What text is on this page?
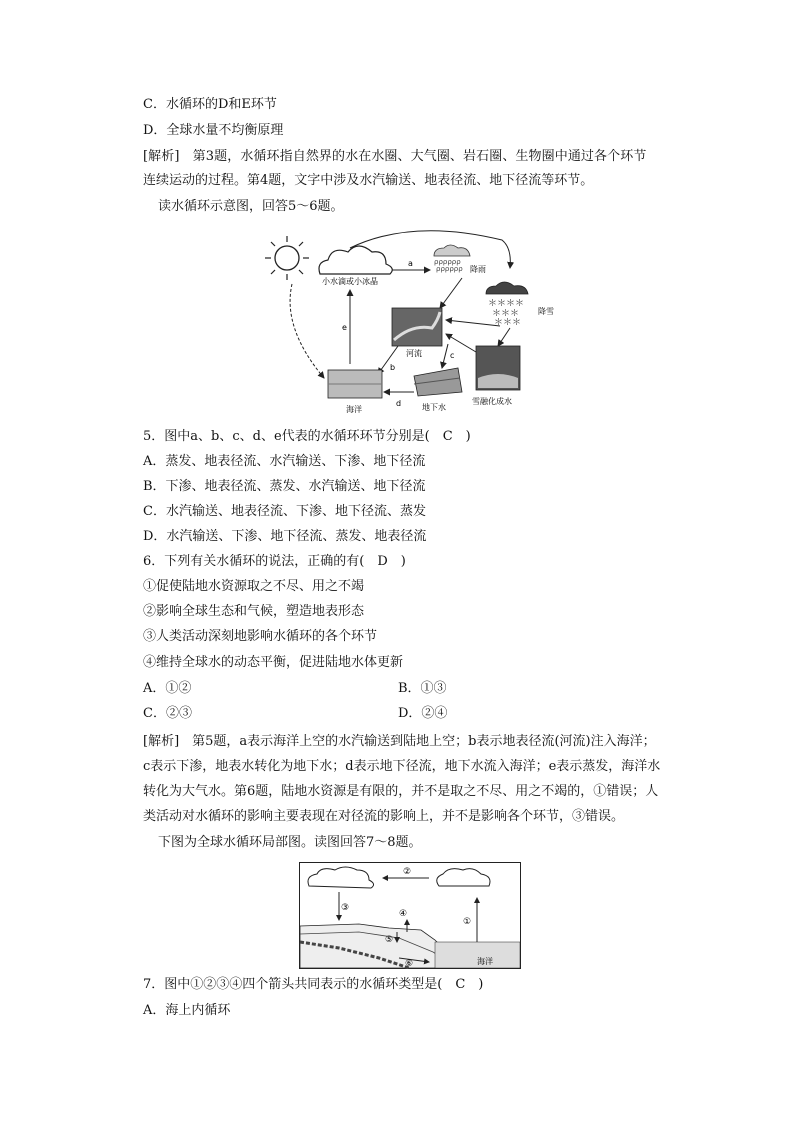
C．水循环的D和E环节
D．全球水量不均衡原理
[解析]　第3题，水循环指自然界的水在水圈、大气圈、岩石圈、生物圈中通过各个环节
连续运动的过程。第4题，文字中涉及水汽输送、地表径流、地下径流等环节。
读水循环示意图，回答5～6题。
小水滴或小冰晶
a	ρρρρρρ
ρρρρρρ 降雨
＊＊＊＊
＊＊＊
＊＊＊
降雪
河流
e
b
c
雪融化成水
地下水
d
海洋
5．图中a、b、c、d、e代表的水循环环节分别是(　C　)
A．蒸发、地表径流、水汽输送、下渗、地下径流
B．下渗、地表径流、蒸发、水汽输送、地下径流
C．水汽输送、地表径流、下渗、地下径流、蒸发
D．水汽输送、下渗、地下径流、蒸发、地表径流
6．下列有关水循环的说法，正确的有(　D　)
①促使陆地水资源取之不尽、用之不竭
②影响全球生态和气候，塑造地表形态
③人类活动深刻地影响水循环的各个环节
④维持全球水的动态平衡，促进陆地水体更新
A．①②	B．①③
C．②③	D．②④
[解析]　第5题，a表示海洋上空的水汽输送到陆地上空；b表示地表径流(河流)注入海洋；
c表示下渗，地表水转化为地下水；d表示地下径流，地下水流入海洋；e表示蒸发，海洋水
转化为大气水。第6题，陆地水资源是有限的，并不是取之不尽、用之不竭的，①错误；人
类活动对水循环的影响主要表现在对径流的影响上，并不是影响各个环节，③错误。
下图为全球水循环局部图。读图回答7～8题。
②
③
①
海洋
④
⑤
⑥
7．图中①②③④四个箭头共同表示的水循环类型是(　C　)
A．海上内循环
